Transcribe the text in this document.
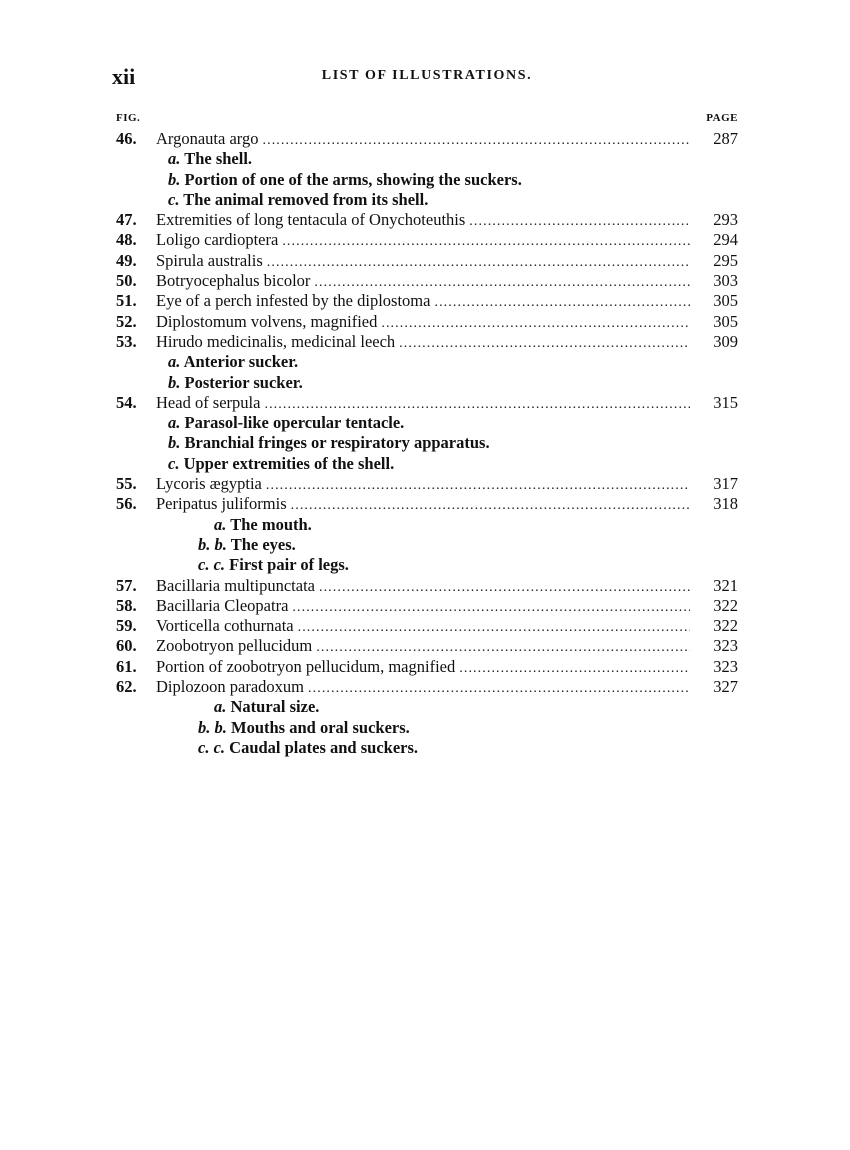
xii	LIST OF ILLUSTRATIONS.
FIG.	PAGE
46.	Argonauta argo . . .	287
a. The shell.
b. Portion of one of the arms, showing the suckers.
c. The animal removed from its shell.
47.	Extremities of long tentacula of Onychoteuthis . . .	293
48.	Loligo cardioptera . . .	294
49.	Spirula australis . . .	295
50.	Botryocephalus bicolor . . .	303
51.	Eye of a perch infested by the diplostoma . . .	305
52.	Diplostomum volvens, magnified . . .	305
53.	Hirudo medicinalis, medicinal leech . . .	309
a. Anterior sucker.
b. Posterior sucker.
54.	Head of serpula . . .	315
a. Parasol-like opercular tentacle.
b. Branchial fringes or respiratory apparatus.
c. Upper extremities of the shell.
55.	Lycoris ægyptia . . .	317
56.	Peripatus juliformis . . .	318
a. The mouth.
b. b. The eyes.
c. c. First pair of legs.
57.	Bacillaria multipunctata . . .	321
58.	Bacillaria Cleopatra . . .	322
59.	Vorticella cothurnata . . .	322
60.	Zoobotryon pellucidum . . .	323
61.	Portion of zoobotryon pellucidum, magnified . . .	323
62.	Diplozoon paradoxum . . .	327
a. Natural size.
b. b. Mouths and oral suckers.
c. c. Caudal plates and suckers.
